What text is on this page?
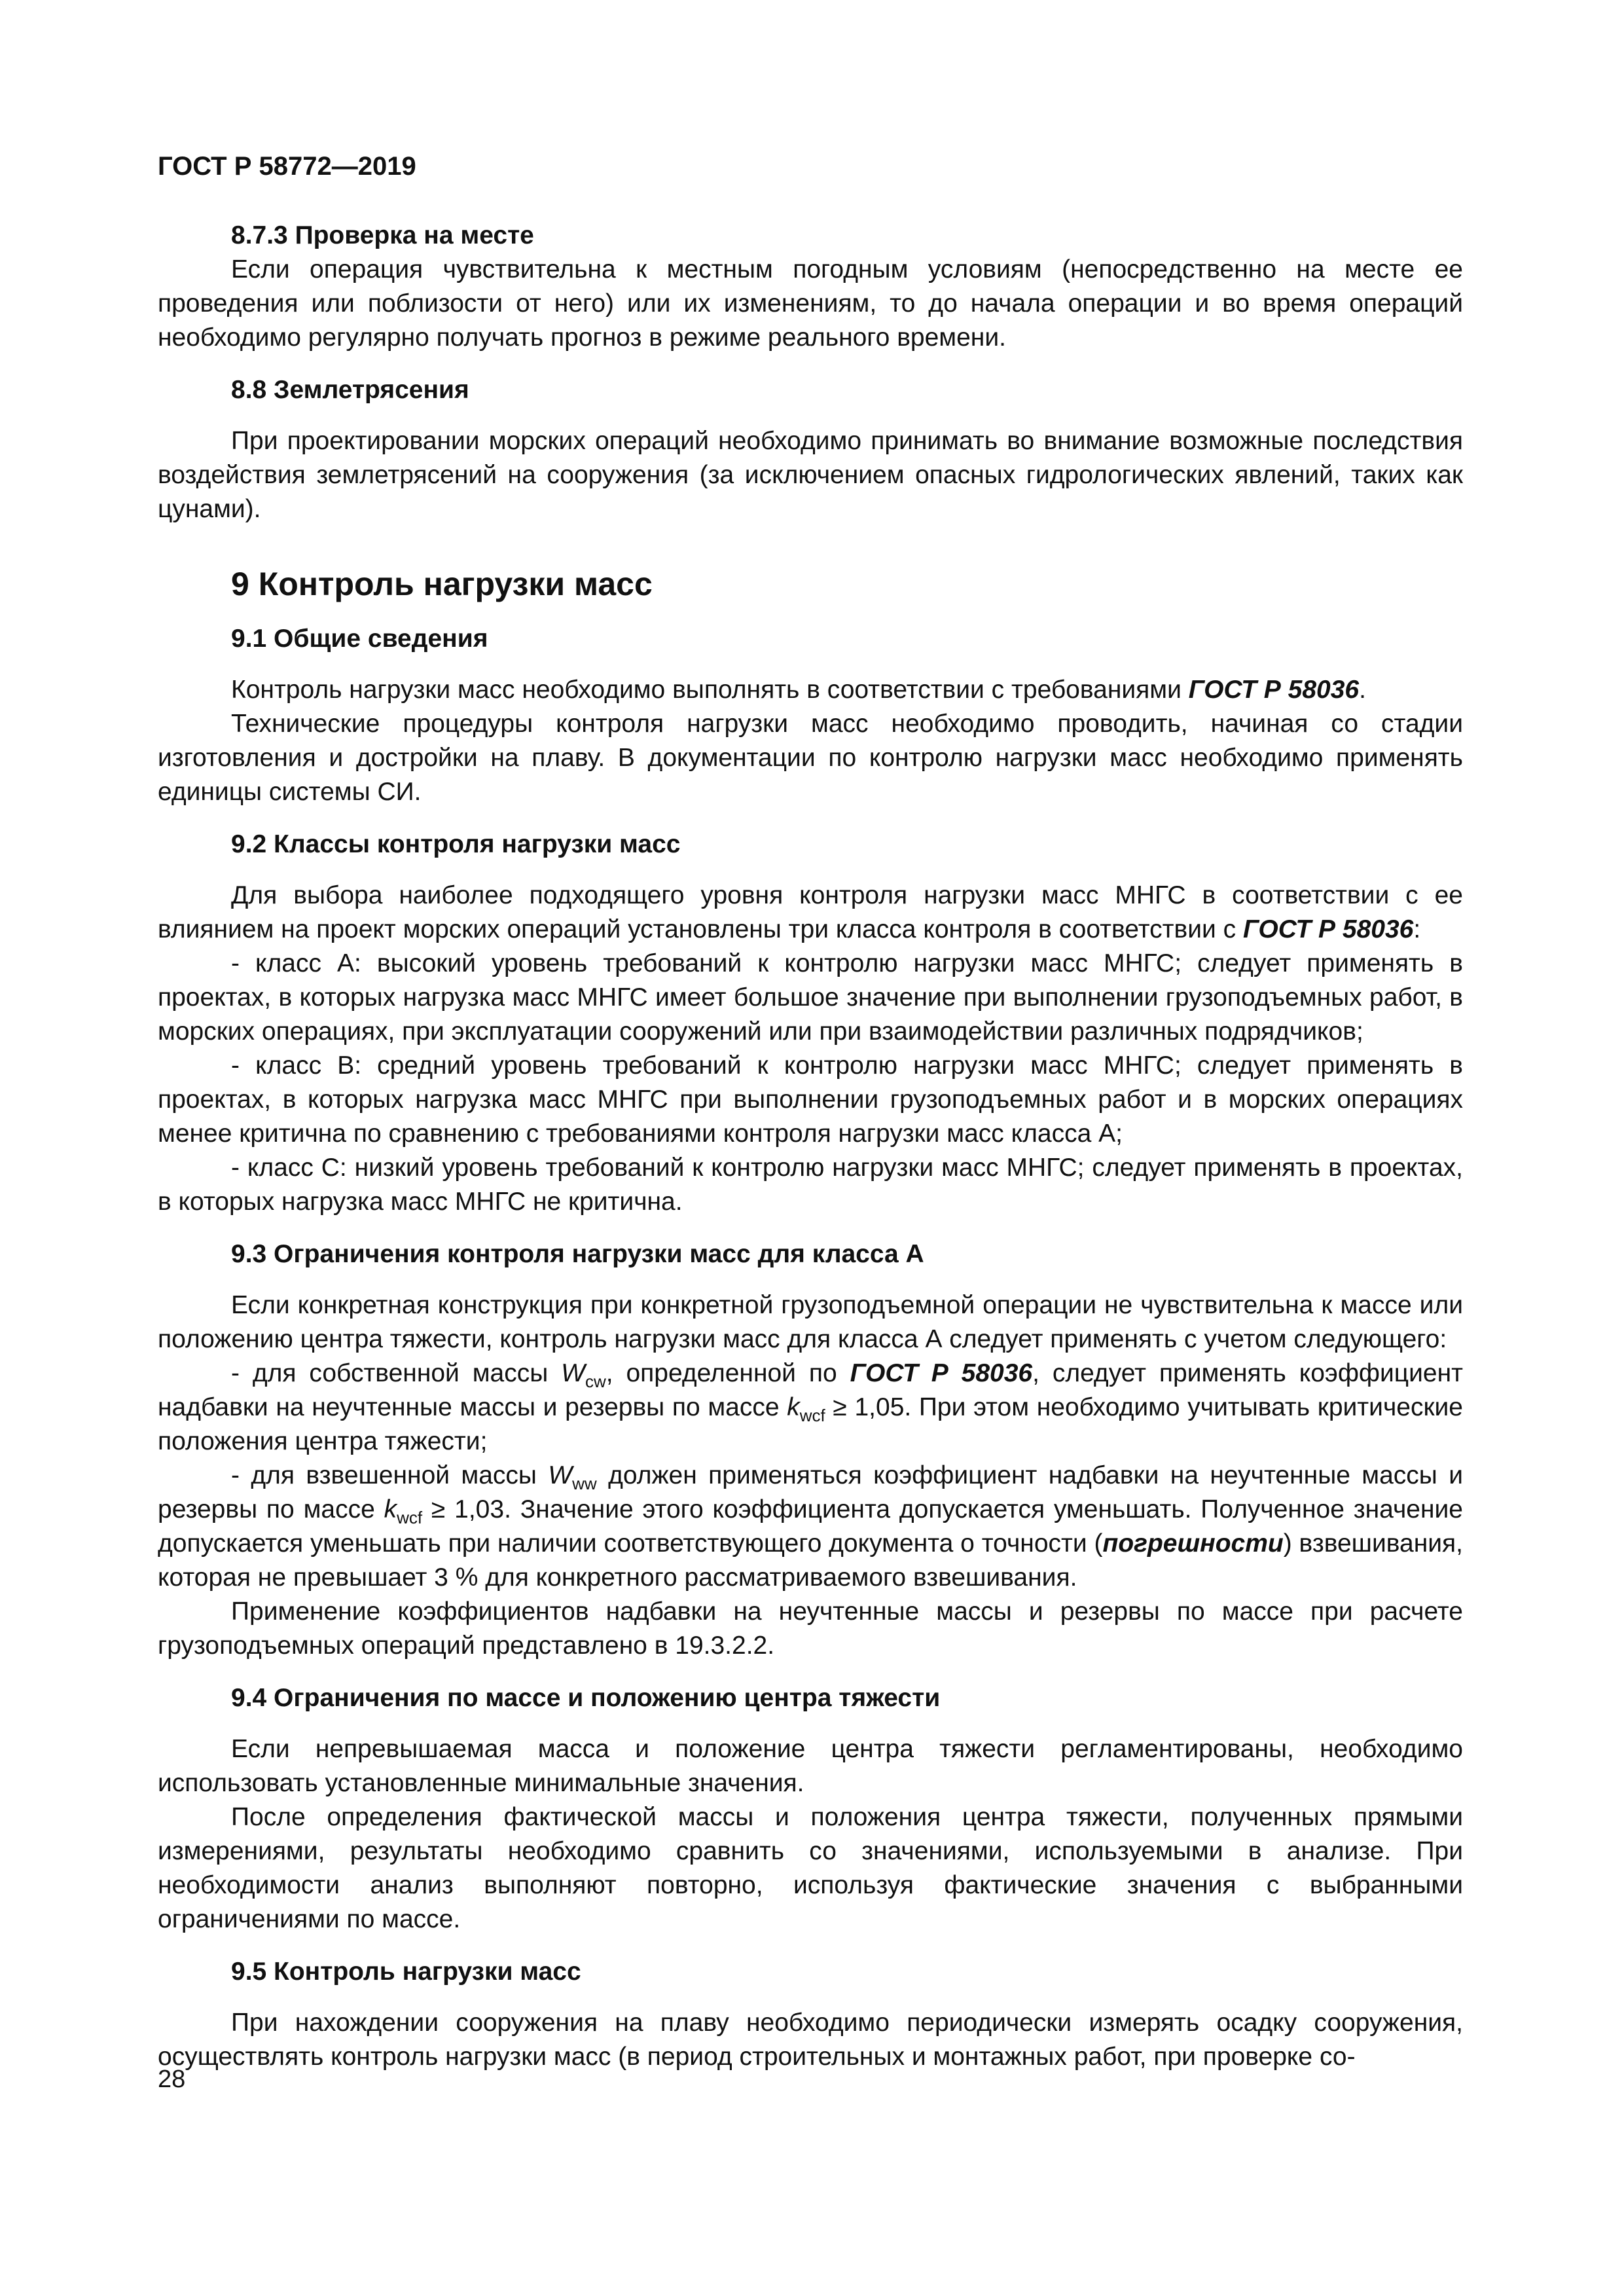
ГОСТ Р 58772—2019

8.7.3 Проверка на месте

Если операция чувствительна к местным погодным условиям (непосредственно на месте ее проведения или поблизости от него) или их изменениям, то до начала операции и во время операций необходимо регулярно получать прогноз в режиме реального времени.

8.8 Землетрясения

При проектировании морских операций необходимо принимать во внимание возможные последствия воздействия землетрясений на сооружения (за исключением опасных гидрологических явлений, таких как цунами).

9 Контроль нагрузки масс

9.1 Общие сведения

Контроль нагрузки масс необходимо выполнять в соответствии с требованиями ГОСТ Р 58036.

Технические процедуры контроля нагрузки масс необходимо проводить, начиная со стадии изготовления и достройки на плаву. В документации по контролю нагрузки масс необходимо применять единицы системы СИ.

9.2 Классы контроля нагрузки масс

Для выбора наиболее подходящего уровня контроля нагрузки масс МНГС в соответствии с ее влиянием на проект морских операций установлены три класса контроля в соответствии с ГОСТ Р 58036:

- класс А: высокий уровень требований к контролю нагрузки масс МНГС; следует применять в проектах, в которых нагрузка масс МНГС имеет большое значение при выполнении грузоподъемных работ, в морских операциях, при эксплуатации сооружений или при взаимодействии различных подрядчиков;

- класс В: средний уровень требований к контролю нагрузки масс МНГС; следует применять в проектах, в которых нагрузка масс МНГС при выполнении грузоподъемных работ и в морских операциях менее критична по сравнению с требованиями контроля нагрузки масс класса А;

- класс С: низкий уровень требований к контролю нагрузки масс МНГС; следует применять в проектах, в которых нагрузка масс МНГС не критична.

9.3 Ограничения контроля нагрузки масс для класса А

Если конкретная конструкция при конкретной грузоподъемной операции не чувствительна к массе или положению центра тяжести, контроль нагрузки масс для класса А следует применять с учетом следующего:

- для собственной массы $W_{cw}$, определенной по ГОСТ Р 58036, следует применять коэффициент надбавки на неучтенные массы и резервы по массе $k_{wcf} \ge 1,05$. При этом необходимо учитывать критические положения центра тяжести;

- для взвешенной массы $W_{ww}$ должен применяться коэффициент надбавки на неучтенные массы и резервы по массе $k_{wcf} \ge 1,03$. Значение этого коэффициента допускается уменьшать. Полученное значение допускается уменьшать при наличии соответствующего документа о точности (погрешности) взвешивания, которая не превышает 3 % для конкретного рассматриваемого взвешивания.

Применение коэффициентов надбавки на неучтенные массы и резервы по массе при расчете грузоподъемных операций представлено в 19.3.2.2.

9.4 Ограничения по массе и положению центра тяжести

Если непревышаемая масса и положение центра тяжести регламентированы, необходимо использовать установленные минимальные значения.

После определения фактической массы и положения центра тяжести, полученных прямыми измерениями, результаты необходимо сравнить со значениями, используемыми в анализе. При необходимости анализ выполняют повторно, используя фактические значения с выбранными ограничениями по массе.

9.5 Контроль нагрузки масс

При нахождении сооружения на плаву необходимо периодически измерять осадку сооружения, осуществлять контроль нагрузки масс (в период строительных и монтажных работ, при проверке со-

28
